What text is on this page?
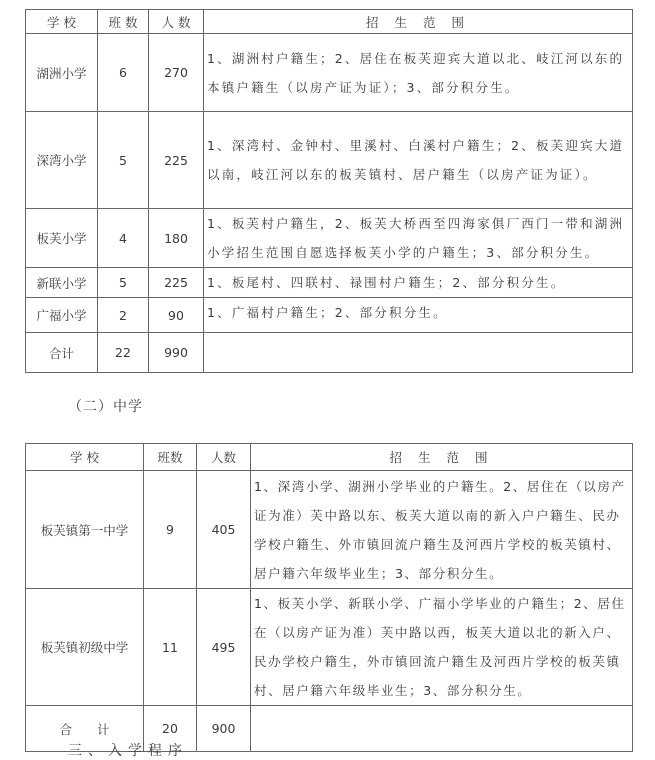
学 校	班 数	人 数	招 生 范 围
湖洲小学	6	270	1、湖洲村户籍生；2、居住在板芙迎宾大道以北、岐江河以东的本镇户籍生（以房产证为证）；3、部分积分生。
深湾小学	5	225	1、深湾村、金钟村、里溪村、白溪村户籍生；2、板芙迎宾大道以南，岐江河以东的板芙镇村、居户籍生（以房产证为证）。
板芙小学	4	180	1、板芙村户籍生，2、板芙大桥西至四海家俱厂西门一带和湖洲小学招生范围自愿选择板芙小学的户籍生；3、部分积分生。
新联小学	5	225	1、板尾村、四联村、禄围村户籍生；2、部分积分生。
广福小学	2	90	1、广福村户籍生；2、部分积分生。
合计	22	990	
（二）中学
学 校	班数	人数	招 生 范 围
板芙镇第一中学	9	405	1、深湾小学、湖洲小学毕业的户籍生。2、居住在（以房产证为准）芙中路以东、板芙大道以南的新入户户籍生、民办学校户籍生、外市镇回流户籍生及河西片学校的板芙镇村、居户籍六年级毕业生；3、部分积分生。
板芙镇初级中学	11	495	1、板芙小学、新联小学、广福小学毕业的户籍生；2、居住在（以房产证为准）芙中路以西，板芙大道以北的新入户、民办学校户籍生，外市镇回流户籍生及河西片学校的板芙镇村、居户籍六年级毕业生；3、部分积分生。
合　　计	20	900	
三、入学程序
